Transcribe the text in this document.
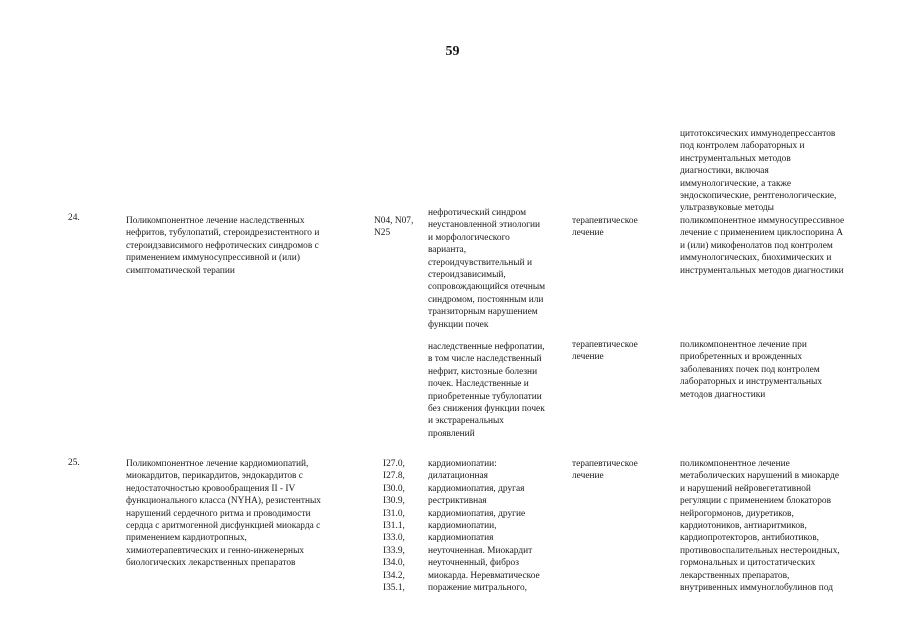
59
цитотоксических иммунодепрессантов
под контролем лабораторных и
инструментальных методов
диагностики, включая
иммунологические, а также
эндоскопические, рентгенологические,
ультразвуковые методы
24.	Поликомпонентное лечение наследственных
нефритов, тубулопатий, стероидрезистентного и
стероидзависимого нефротических синдромов с
применением иммуносупрессивной и (или)
симптоматической терапии
N04, N07,
N25
нефротический синдром
неустановленной этиологии
и морфологического
варианта,
стероидчувствительный и
стероидзависимый,
сопровождающийся отечным
синдромом, постоянным или
транзиторным нарушением
функции почек
терапевтическое
лечение
поликомпонентное иммуносупрессивное
лечение с применением циклоспорина А
и (или) микофенолатов под контролем
иммунологических, биохимических и
инструментальных методов диагностики
наследственные нефропатии,
в том числе наследственный
нефрит, кистозные болезни
почек. Наследственные и
приобретенные тубулопатии
без снижения функции почек
и экстраренальных
проявлений
терапевтическое
лечение
поликомпонентное лечение при
приобретенных и врожденных
заболеваниях почек под контролем
лабораторных и инструментальных
методов диагностики
25.	Поликомпонентное лечение кардиомиопатий,
миокардитов, перикардитов, эндокардитов с
недостаточностью кровообращения II - IV
функционального класса (NYHA), резистентных
нарушений сердечного ритма и проводимости
сердца с аритмогенной дисфункцией миокарда с
применением кардиотропных,
химиотерапевтических и генно-инженерных
биологических лекарственных препаратов
I27.0,
I27.8,
I30.0,
I30.9,
I31.0,
I31.1,
I33.0,
I33.9,
I34.0,
I34.2,
I35.1,
кардиомиопатии:
дилатационная
кардиомиопатия, другая
рестриктивная
кардиомиопатия, другие
кардиомиопатии,
кардиомиопатия
неуточненная. Миокардит
неуточненный, фиброз
миокарда. Неревматическое
поражение митрального,
терапевтическое
лечение
поликомпонентное лечение
метаболических нарушений в миокарде
и нарушений нейровегетативной
регуляции с применением блокаторов
нейрогормонов, диуретиков,
кардиотоников, антиаритмиков,
кардиопротекторов, антибиотиков,
противовоспалительных нестероидных,
гормональных и цитостатических
лекарственных препаратов,
внутривенных иммуноглобулинов под
